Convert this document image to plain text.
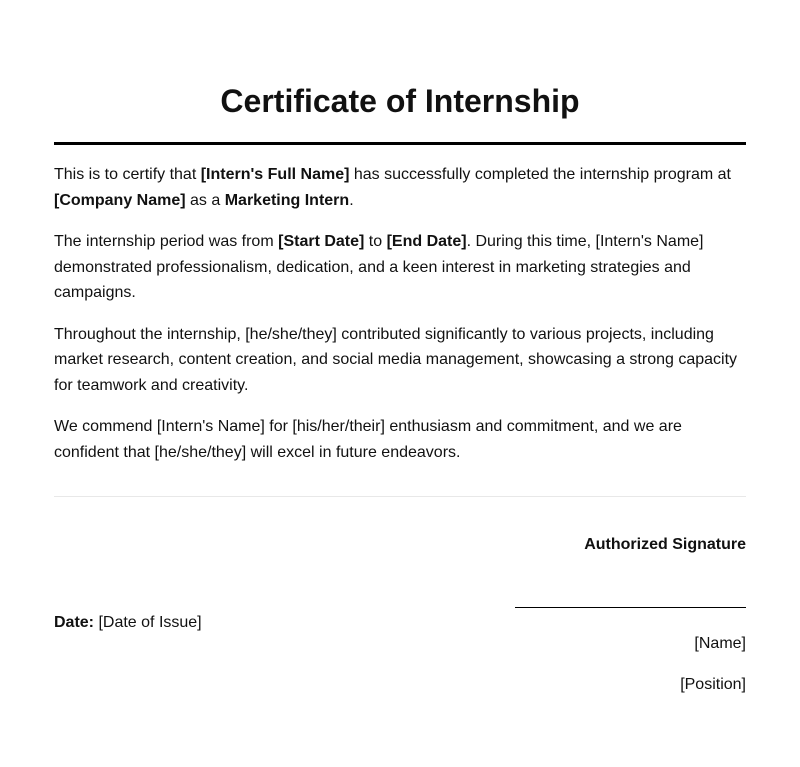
Certificate of Internship

This is to certify that [Intern's Full Name] has successfully completed the internship program at [Company Name] as a Marketing Intern.

The internship period was from [Start Date] to [End Date]. During this time, [Intern's Name] demonstrated professionalism, dedication, and a keen interest in marketing strategies and campaigns.

Throughout the internship, [he/she/they] contributed significantly to various projects, including market research, content creation, and social media management, showcasing a strong capacity for teamwork and creativity.

We commend [Intern's Name] for [his/her/their] enthusiasm and commitment, and we are confident that [he/she/they] will excel in future endeavors.

Authorized Signature
Date: [Date of Issue]
[Name]
[Position]
